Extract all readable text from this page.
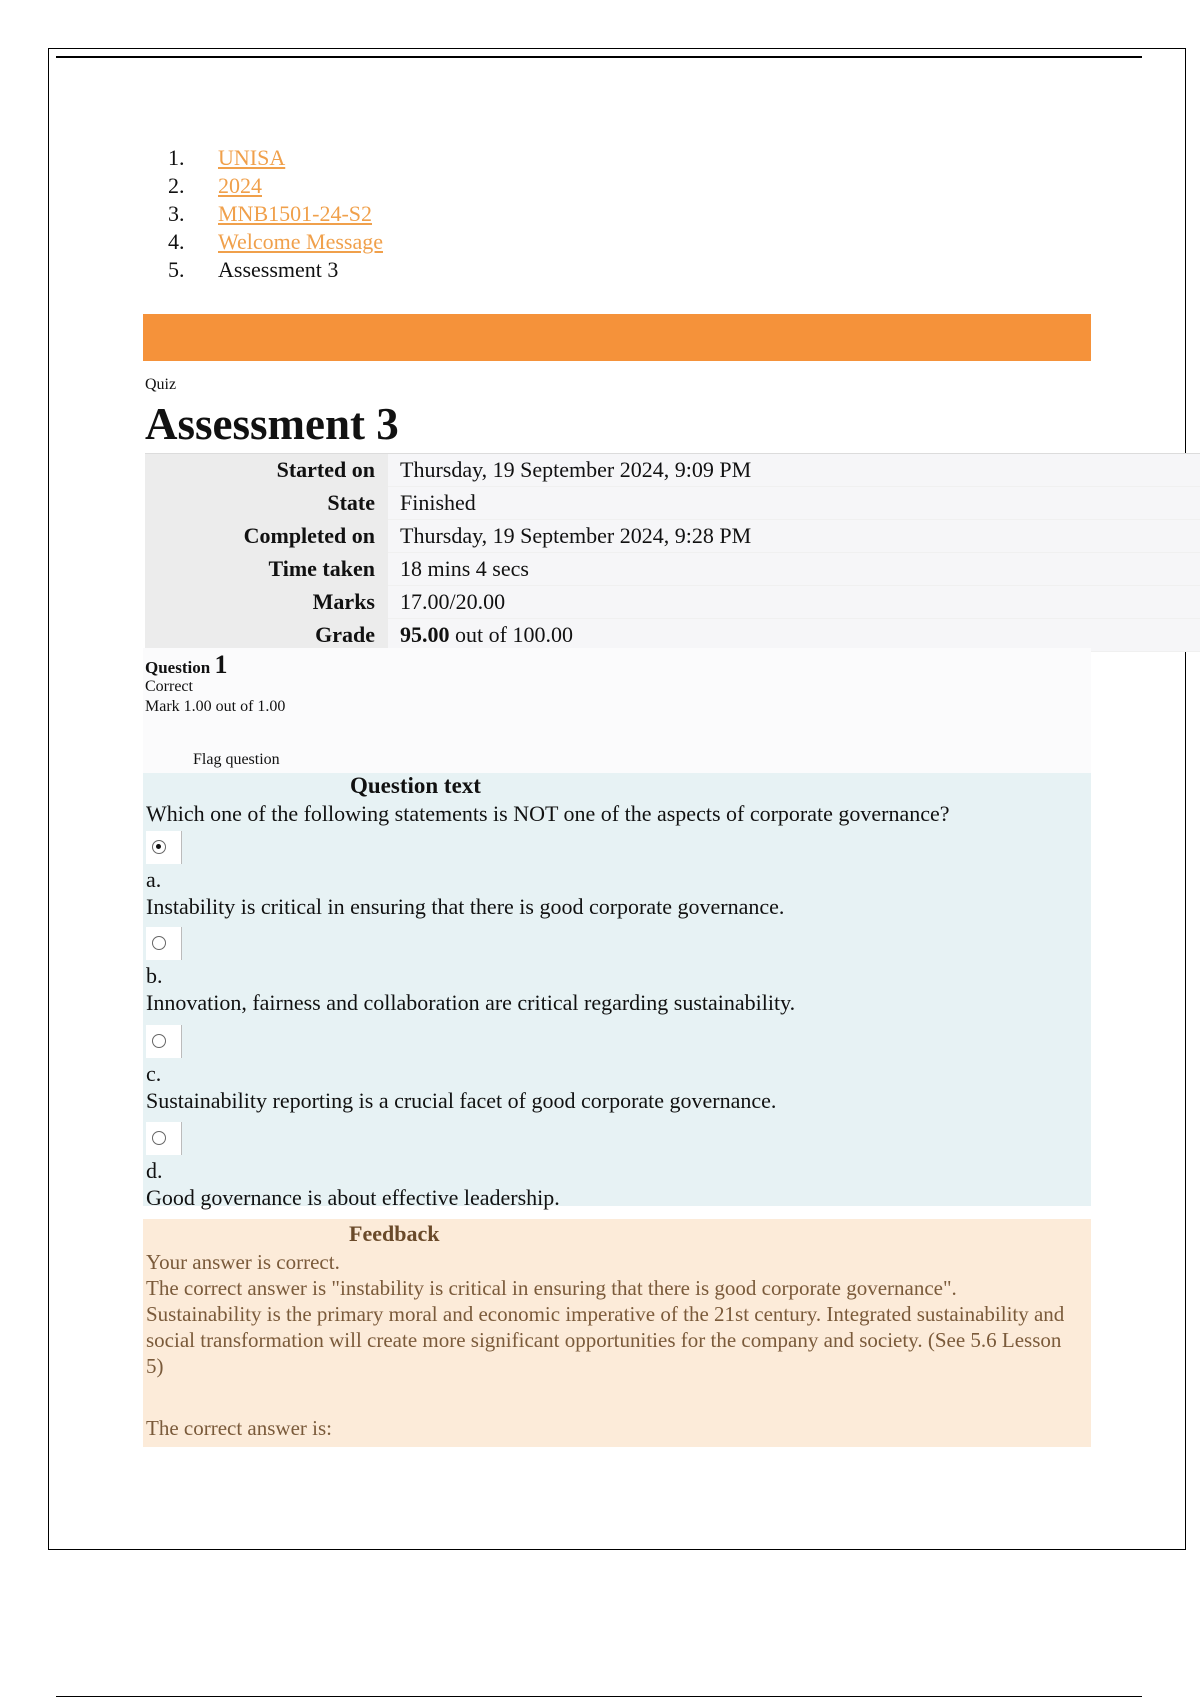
1.	UNISA
2.	2024
3.	MNB1501-24-S2
4.	Welcome Message
5.	Assessment 3
Quiz
Assessment 3
Started on	Thursday, 19 September 2024, 9:09 PM
State	Finished
Completed on	Thursday, 19 September 2024, 9:28 PM
Time taken	18 mins 4 secs
Marks	17.00/20.00
Grade	95.00 out of 100.00
Question 1
Correct
Mark 1.00 out of 1.00
Flag question
Question text
Which one of the following statements is NOT one of the aspects of corporate governance?
a.
Instability is critical in ensuring that there is good corporate governance.
b.
Innovation, fairness and collaboration are critical regarding sustainability.
c.
Sustainability reporting is a crucial facet of good corporate governance.
d.
Good governance is about effective leadership.
Feedback

Your answer is correct.

The correct answer is "instability is critical in ensuring that there is good corporate governance". Sustainability is the primary moral and economic imperative of the 21st century. Integrated sustainability and social transformation will create more significant opportunities for the company and society. (See 5.6 Lesson 5)

The correct answer is:
